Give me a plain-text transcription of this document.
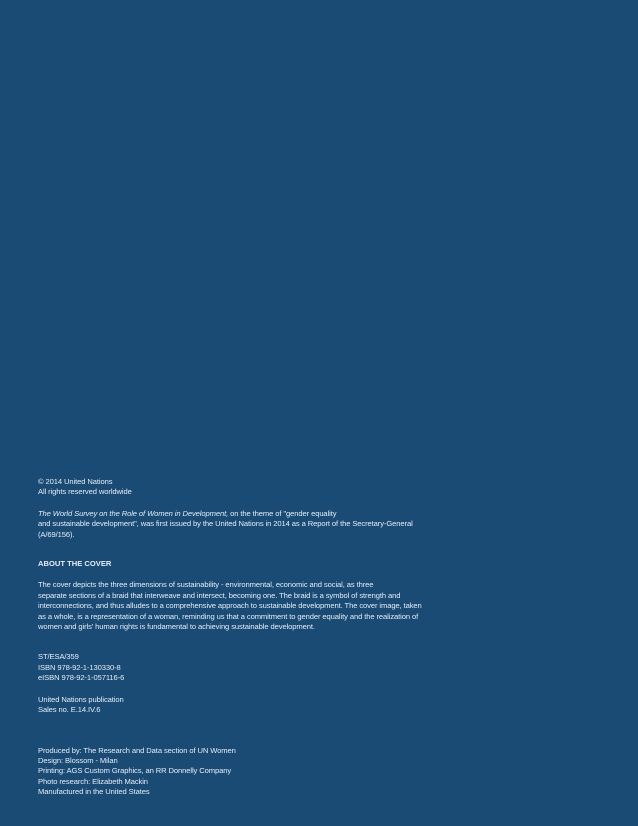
© 2014 United Nations

All rights reserved worldwide

The World Survey on the Role of Women in Development, on the theme of "gender equality

and sustainable development", was first issued by the United Nations in 2014 as a Report of the Secretary-General

(A/69/156).

ABOUT THE COVER

The cover depicts the three dimensions of sustainability - environmental, economic and social, as three

separate sections of a braid that interweave and intersect, becoming one. The braid is a symbol of strength and

interconnections, and thus alludes to a comprehensive approach to sustainable development. The cover image, taken

as a whole, is a representation of a woman, reminding us that a commitment to gender equality and the realization of

women and girls' human rights is fundamental to achieving sustainable development.

ST/ESA/359

ISBN 978-92-1-130330-8

eISBN 978-92-1-057116-6

United Nations publication

Sales no. E.14.IV.6

Produced by: The Research and Data section of UN Women

Design: Blossom - Milan

Printing: AGS Custom Graphics, an RR Donnelly Company

Photo research: Elizabeth Mackin

Manufactured in the United States
